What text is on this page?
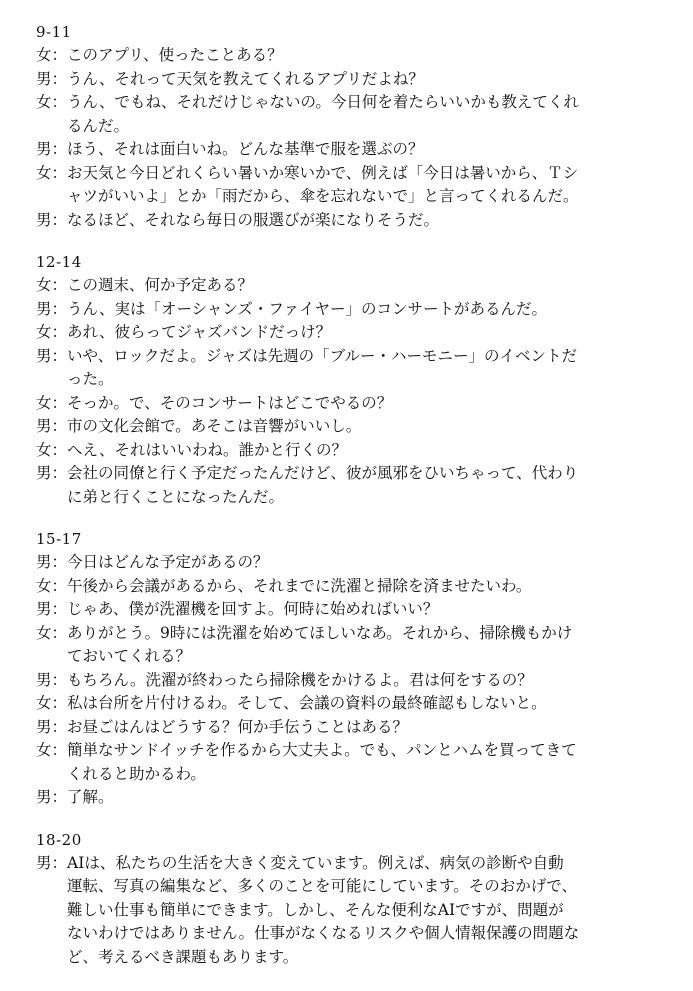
9-11
女： このアプリ、使ったことある？
男： うん、それって天気を教えてくれるアプリだよね？
女： うん、でもね、それだけじゃないの。今日何を着たらいいかも教えてくれ
るんだ。
男： ほう、それは面白いね。どんな基準で服を選ぶの？
女： お天気と今日どれくらい暑いか寒いかで、例えば「今日は暑いから、Ｔシ
ャツがいいよ」とか「雨だから、傘を忘れないで」と言ってくれるんだ。
男： なるほど、それなら毎日の服選びが楽になりそうだ。
12-14
女： この週末、何か予定ある？
男： うん、実は「オーシャンズ・ファイヤー」のコンサートがあるんだ。
女： あれ、彼らってジャズバンドだっけ？
男： いや、ロックだよ。ジャズは先週の「ブルー・ハーモニー」のイベントだ
った。
女： そっか。で、そのコンサートはどこでやるの？
男： 市の文化会館で。あそこは音響がいいし。
女： へえ、それはいいわね。誰かと行くの？
男： 会社の同僚と行く予定だったんだけど、彼が風邪をひいちゃって、代わり
に弟と行くことになったんだ。
15-17
男： 今日はどんな予定があるの？
女： 午後から会議があるから、それまでに洗濯と掃除を済ませたいわ。
男： じゃあ、僕が洗濯機を回すよ。何時に始めればいい？
女： ありがとう。9時には洗濯を始めてほしいなあ。それから、掃除機もかけ
ておいてくれる？
男： もちろん。洗濯が終わったら掃除機をかけるよ。君は何をするの？
女： 私は台所を片付けるわ。そして、会議の資料の最終確認もしないと。
男： お昼ごはんはどうする？何か手伝うことはある？
女： 簡単なサンドイッチを作るから大丈夫よ。でも、パンとハムを買ってきて
くれると助かるわ。
男： 了解。
18-20
男： AIは、私たちの生活を大きく変えています。例えば、病気の診断や自動
運転、写真の編集など、多くのことを可能にしています。そのおかげで、
難しい仕事も簡単にできます。しかし、そんな便利なAIですが、問題が
ないわけではありません。仕事がなくなるリスクや個人情報保護の問題な
ど、考えるべき課題もあります。
